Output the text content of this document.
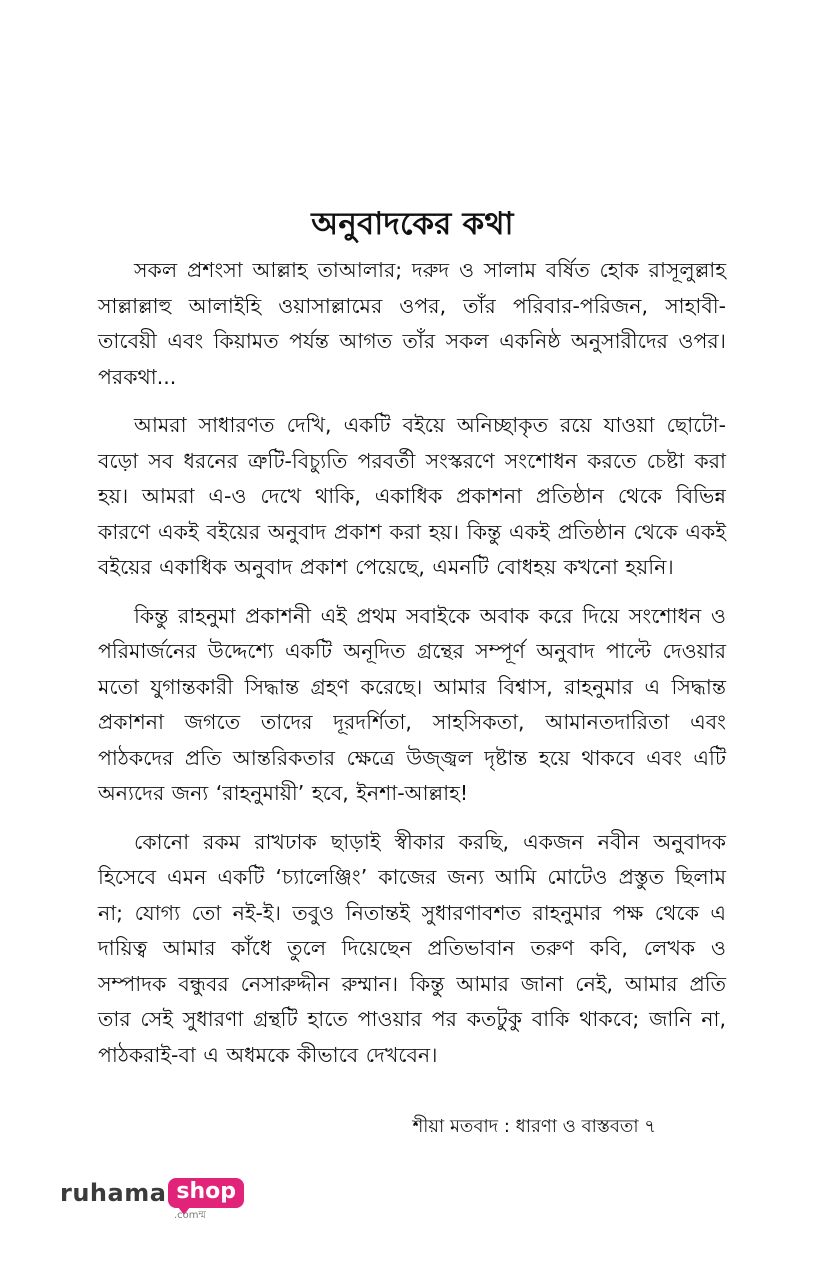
অনুবাদকের কথা

সকল প্রশংসা আল্লাহ তাআলার; দরুদ ও সালাম বর্ষিত হোক রাসূলুল্লাহ সাল্লাল্লাহু আলাইহি ওয়াসাল্লামের ওপর, তাঁর পরিবার-পরিজন, সাহাবী-তাবেয়ী এবং কিয়ামত পর্যন্ত আগত তাঁর সকল একনিষ্ঠ অনুসারীদের ওপর। পরকথা...

আমরা সাধারণত দেখি, একটি বইয়ে অনিচ্ছাকৃত রয়ে যাওয়া ছোটো-বড়ো সব ধরনের ত্রুটি-বিচ্যুতি পরবর্তী সংস্করণে সংশোধন করতে চেষ্টা করা হয়। আমরা এ-ও দেখে থাকি, একাধিক প্রকাশনা প্রতিষ্ঠান থেকে বিভিন্ন কারণে একই বইয়ের অনুবাদ প্রকাশ করা হয়। কিন্তু একই প্রতিষ্ঠান থেকে একই বইয়ের একাধিক অনুবাদ প্রকাশ পেয়েছে, এমনটি বোধহয় কখনো হয়নি।

কিন্তু রাহনুমা প্রকাশনী এই প্রথম সবাইকে অবাক করে দিয়ে সংশোধন ও পরিমার্জনের উদ্দেশ্যে একটি অনূদিত গ্রন্থের সম্পূর্ণ অনুবাদ পাল্টে দেওয়ার মতো যুগান্তকারী সিদ্ধান্ত গ্রহণ করেছে। আমার বিশ্বাস, রাহনুমার এ সিদ্ধান্ত প্রকাশনা জগতে তাদের দূরদর্শিতা, সাহসিকতা, আমানতদারিতা এবং পাঠকদের প্রতি আন্তরিকতার ক্ষেত্রে উজ্জ্বল দৃষ্টান্ত হয়ে থাকবে এবং এটি অন্যদের জন্য ‘রাহনুমায়ী’ হবে, ইনশা-আল্লাহ!

কোনো রকম রাখঢাক ছাড়াই স্বীকার করছি, একজন নবীন অনুবাদক হিসেবে এমন একটি ‘চ্যালেঞ্জিং’ কাজের জন্য আমি মোটেও প্রস্তুত ছিলাম না; যোগ্য তো নই-ই। তবুও নিতান্তই সুধারণাবশত রাহনুমার পক্ষ থেকে এ দায়িত্ব আমার কাঁধে তুলে দিয়েছেন প্রতিভাবান তরুণ কবি, লেখক ও সম্পাদক বন্ধুবর নেসারুদ্দীন রুম্মান। কিন্তু আমার জানা নেই, আমার প্রতি তার সেই সুধারণা গ্রন্থটি হাতে পাওয়ার পর কতটুকু বাকি থাকবে; জানি না, পাঠকরাই-বা এ অধমকে কীভাবে দেখবেন।

শীয়া মতবাদ : ধারণা ও বাস্তবতা ৭
ruhama shop
.comম্ম
